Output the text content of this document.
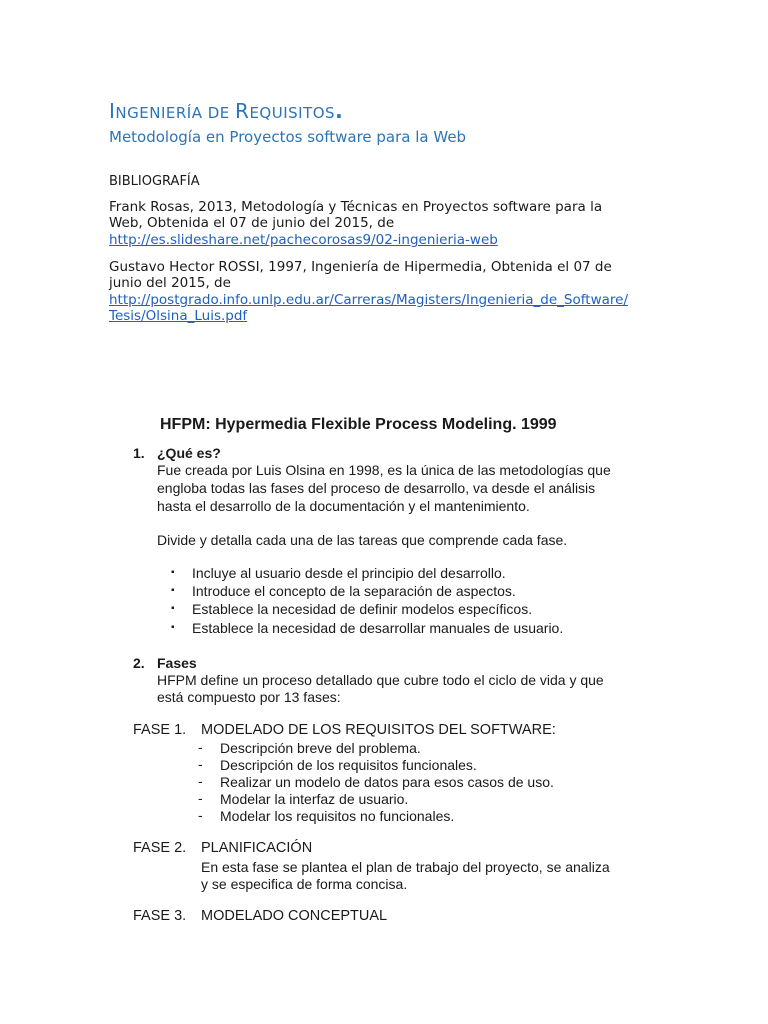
INGENIERÍA DE REQUISITOS.
Metodología en Proyectos software para la Web
BIBLIOGRAFÍA
Frank Rosas, 2013, Metodología y Técnicas en Proyectos software para la
Web, Obtenida el 07 de junio del 2015, de
http://es.slideshare.net/pachecorosas9/02-ingenieria-web
Gustavo Hector ROSSI, 1997, Ingeniería de Hipermedia, Obtenida el 07 de
junio del 2015, de
http://postgrado.info.unlp.edu.ar/Carreras/Magisters/Ingenieria_de_Software/
Tesis/Olsina_Luis.pdf
HFPM: Hypermedia Flexible Process Modeling. 1999
1. ¿Qué es?
Fue creada por Luis Olsina en 1998, es la única de las metodologías que
engloba todas las fases del proceso de desarrollo, va desde el análisis
hasta el desarrollo de la documentación y el mantenimiento.
Divide y detalla cada una de las tareas que comprende cada fase.
▪ Incluye al usuario desde el principio del desarrollo.
▪ Introduce el concepto de la separación de aspectos.
▪ Establece la necesidad de definir modelos específicos.
▪ Establece la necesidad de desarrollar manuales de usuario.
2. Fases
HFPM define un proceso detallado que cubre todo el ciclo de vida y que
está compuesto por 13 fases:
FASE 1. MODELADO DE LOS REQUISITOS DEL SOFTWARE:
- Descripción breve del problema.
- Descripción de los requisitos funcionales.
- Realizar un modelo de datos para esos casos de uso.
- Modelar la interfaz de usuario.
- Modelar los requisitos no funcionales.
FASE 2. PLANIFICACIÓN
En esta fase se plantea el plan de trabajo del proyecto, se analiza
y se especifica de forma concisa.
FASE 3. MODELADO CONCEPTUAL
